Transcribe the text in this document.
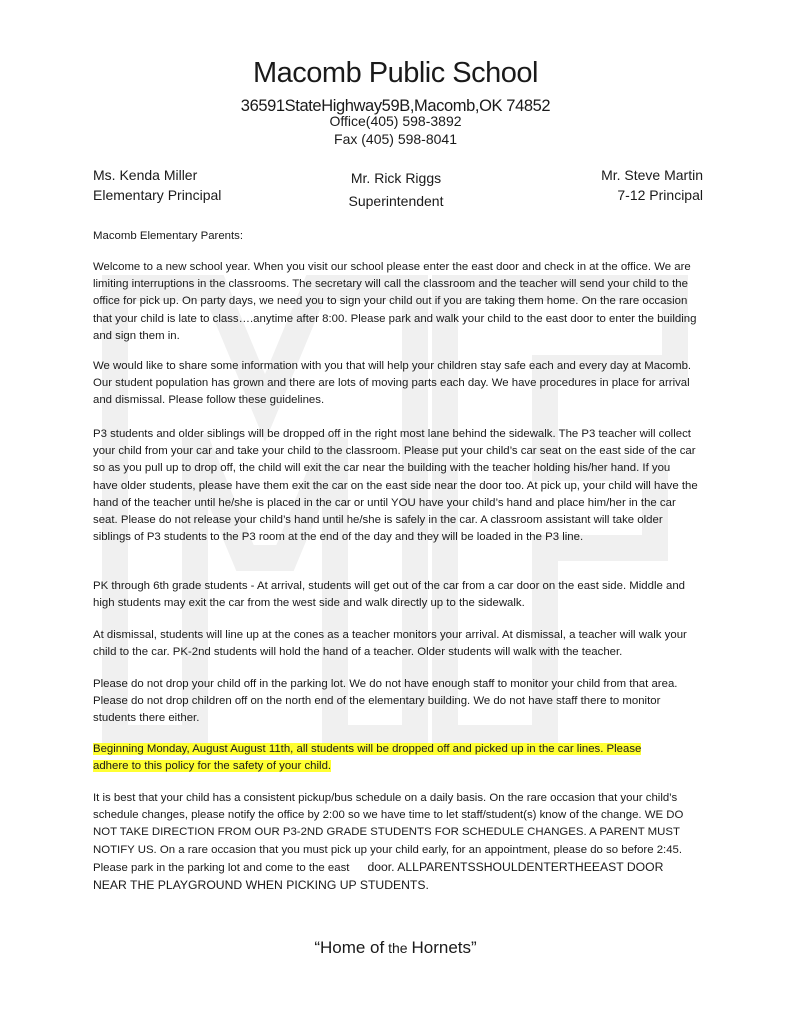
Macomb Public School
36591StateHighway59B,Macomb,OK 74852
Office(405) 598-3892
Fax (405) 598-8041
Ms. Kenda Miller
Elementary Principal
Mr. Rick Riggs
Superintendent
Mr. Steve Martin
7-12 Principal
Macomb Elementary Parents:
Welcome to a new school year. When you visit our school please enter the east door and check in at the office. We are limiting interruptions in the classrooms. The secretary will call the classroom and the teacher will send your child to the office for pick up. On party days, we need you to sign your child out if you are taking them home. On the rare occasion that your child is late to class….anytime after 8:00. Please park and walk your child to the east door to enter the building and sign them in.
We would like to share some information with you that will help your children stay safe each and every day at Macomb. Our student population has grown and there are lots of moving parts each day. We have procedures in place for arrival and dismissal. Please follow these guidelines.
P3 students and older siblings will be dropped off in the right most lane behind the sidewalk. The P3 teacher will collect your child from your car and take your child to the classroom. Please put your child’s car seat on the east side of the car so as you pull up to drop off, the child will exit the car near the building with the teacher holding his/her hand. If you have older students, please have them exit the car on the east side near the door too. At pick up, your child will have the hand of the teacher until he/she is placed in the car or until YOU have your child’s hand and place him/her in the car seat. Please do not release your child’s hand until he/she is safely in the car. A classroom assistant will take older siblings of P3 students to the P3 room at the end of the day and they will be loaded in the P3 line.
PK through 6th grade students - At arrival, students will get out of the car from a car door on the east side. Middle and high students may exit the car from the west side and walk directly up to the sidewalk.
At dismissal, students will line up at the cones as a teacher monitors your arrival. At dismissal, a teacher will walk your child to the car. PK-2nd students will hold the hand of a teacher. Older students will walk with the teacher.
Please do not drop your child off in the parking lot. We do not have enough staff to monitor your child from that area. Please do not drop children off on the north end of the elementary building. We do not have staff there to monitor students there either.
Beginning Monday, August August 11th, all students will be dropped off and picked up in the car lines. Please adhere to this policy for the safety of your child.
It is best that your child has a consistent pickup/bus schedule on a daily basis. On the rare occasion that your child’s schedule changes, please notify the office by 2:00 so we have time to let staff/student(s) know of the change. WE DO NOT TAKE DIRECTION FROM OUR P3-2ND GRADE STUDENTS FOR SCHEDULE CHANGES. A PARENT MUST NOTIFY US. On a rare occasion that you must pick up your child early, for an appointment, please do so before 2:45. Please park in the parking lot and come to the east door. ALLPARENTSSHOULDENTERTHEEAST DOOR NEAR THE PLAYGROUND WHEN PICKING UP STUDENTS.
“Home of the Hornets”
